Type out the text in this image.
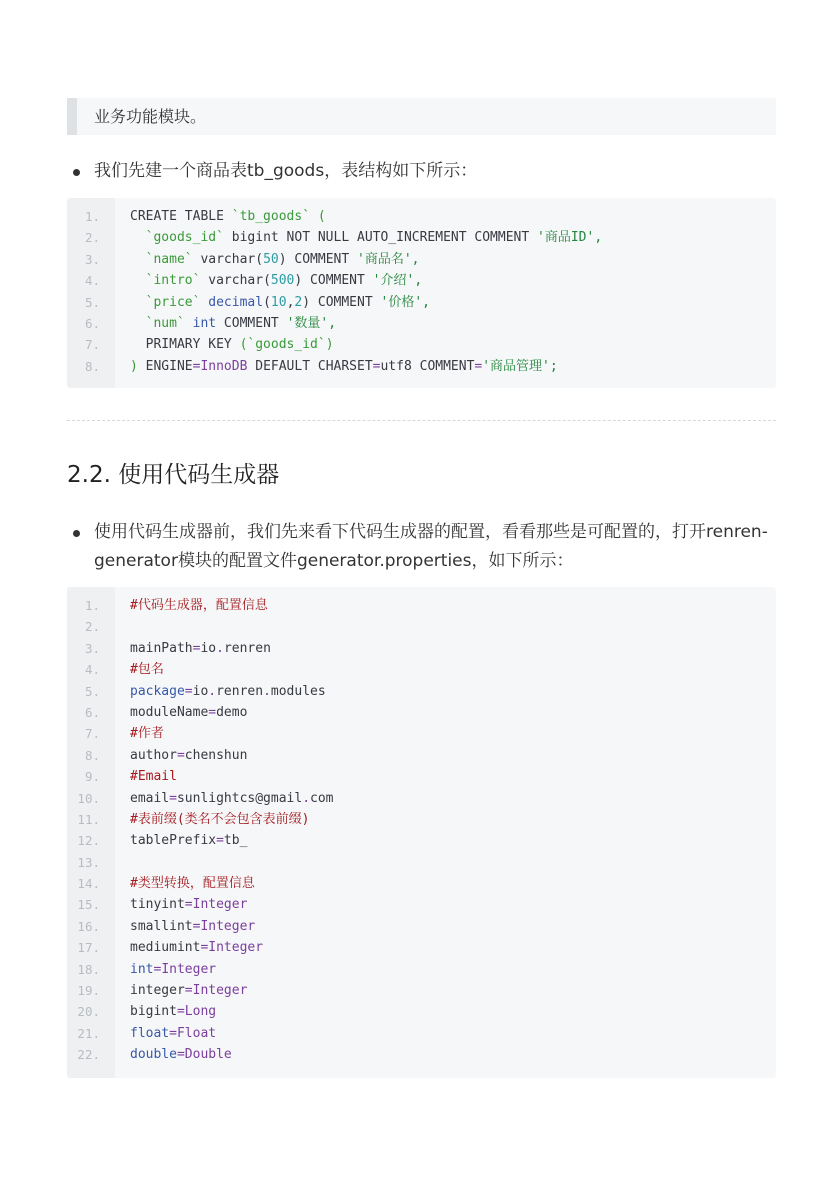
业务功能模块。
我们先建一个商品表tb_goods，表结构如下所示：
1. CREATE TABLE `tb_goods` (
2.	`goods_id` bigint NOT NULL AUTO_INCREMENT COMMENT '商品ID',
3.	`name` varchar(50) COMMENT '商品名',
4.	`intro` varchar(500) COMMENT '介绍',
5.	`price` decimal(10,2) COMMENT '价格',
6.	`num` int COMMENT '数量',
7. PRIMARY KEY (`goods_id`)
8. ) ENGINE=InnoDB DEFAULT CHARSET=utf8 COMMENT='商品管理';
2.2. 使用代码生成器
使用代码生成器前，我们先来看下代码生成器的配置，看看那些是可配置的，打开renren-
generator模块的配置文件generator.properties，如下所示：
1. #代码生成器，配置信息
2.
3. mainPath=io.renren
4. #包名
5. package=io.renren.modules
6. moduleName=demo
7. #作者
8. author=chenshun
9. #Email
10. email=sunlightcs@gmail.com
11. #表前缀(类名不会包含表前缀)
12. tablePrefix=tb_
13.
14. #类型转换，配置信息
15. tinyint=Integer
16. smallint=Integer
17. mediumint=Integer
18. int=Integer
19. integer=Integer
20. bigint=Long
21. float=Float
22. double=Double
